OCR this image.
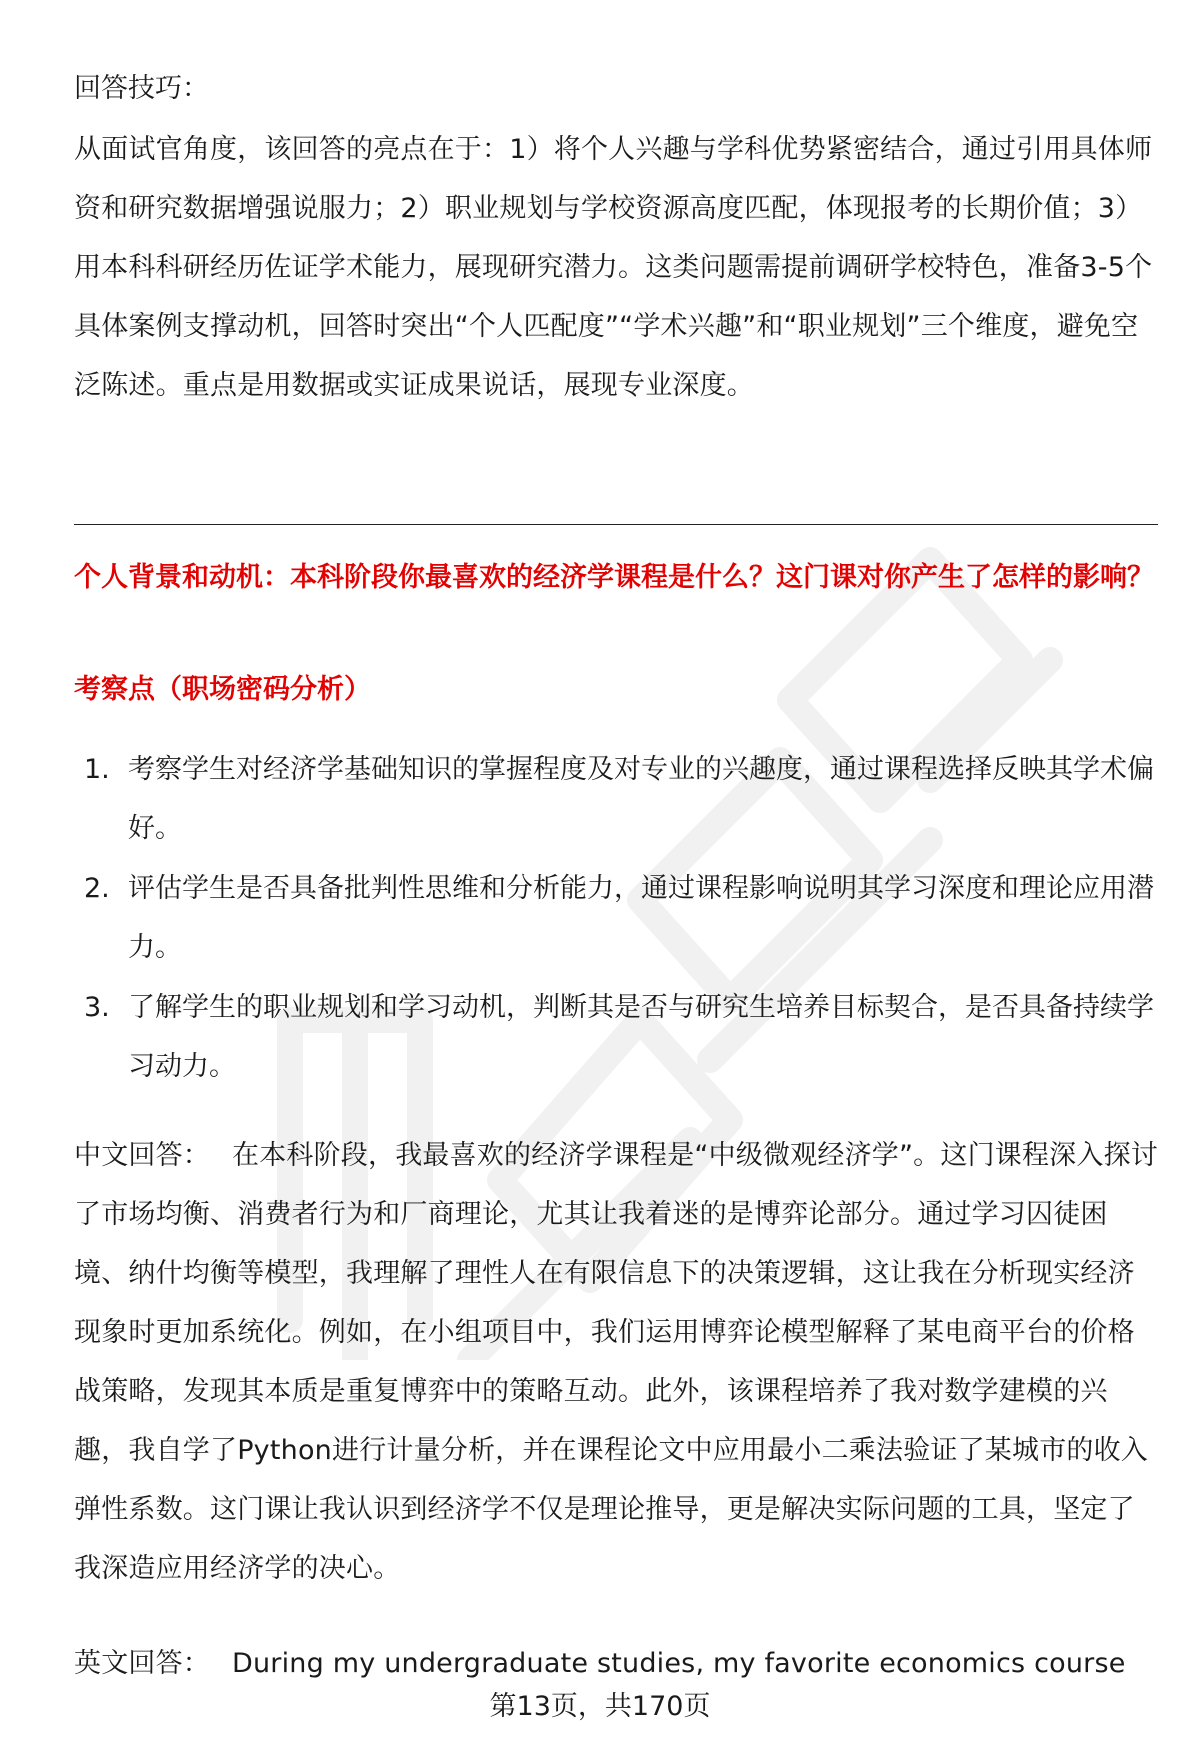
回答技巧：

从面试官角度，该回答的亮点在于：1）将个人兴趣与学科优势紧密结合，通过引用具体师资和研究数据增强说服力；2）职业规划与学校资源高度匹配，体现报考的长期价值；3）用本科科研经历佐证学术能力，展现研究潜力。这类问题需提前调研学校特色，准备3-5个具体案例支撑动机，回答时突出“个人匹配度”“学术兴趣”和“职业规划”三个维度，避免空泛陈述。重点是用数据或实证成果说话，展现专业深度。

个人背景和动机：本科阶段你最喜欢的经济学课程是什么？这门课对你产生了怎样的影响？

考察点（职场密码分析）

1. 考察学生对经济学基础知识的掌握程度及对专业的兴趣度，通过课程选择反映其学术偏好。
2. 评估学生是否具备批判性思维和分析能力，通过课程影响说明其学习深度和理论应用潜力。
3. 了解学生的职业规划和学习动机，判断其是否与研究生培养目标契合，是否具备持续学习动力。

中文回答： 在本科阶段，我最喜欢的经济学课程是“中级微观经济学”。这门课程深入探讨了市场均衡、消费者行为和厂商理论，尤其让我着迷的是博弈论部分。通过学习囚徒困境、纳什均衡等模型，我理解了理性人在有限信息下的决策逻辑，这让我在分析现实经济现象时更加系统化。例如，在小组项目中，我们运用博弈论模型解释了某电商平台的价格战策略，发现其本质是重复博弈中的策略互动。此外，该课程培养了我对数学建模的兴趣，我自学了Python进行计量分析，并在课程论文中应用最小二乘法验证了某城市的收入弹性系数。这门课让我认识到经济学不仅是理论推导，更是解决实际问题的工具，坚定了我深造应用经济学的决心。

英文回答： During my undergraduate studies, my favorite economics course

第13页，共170页
